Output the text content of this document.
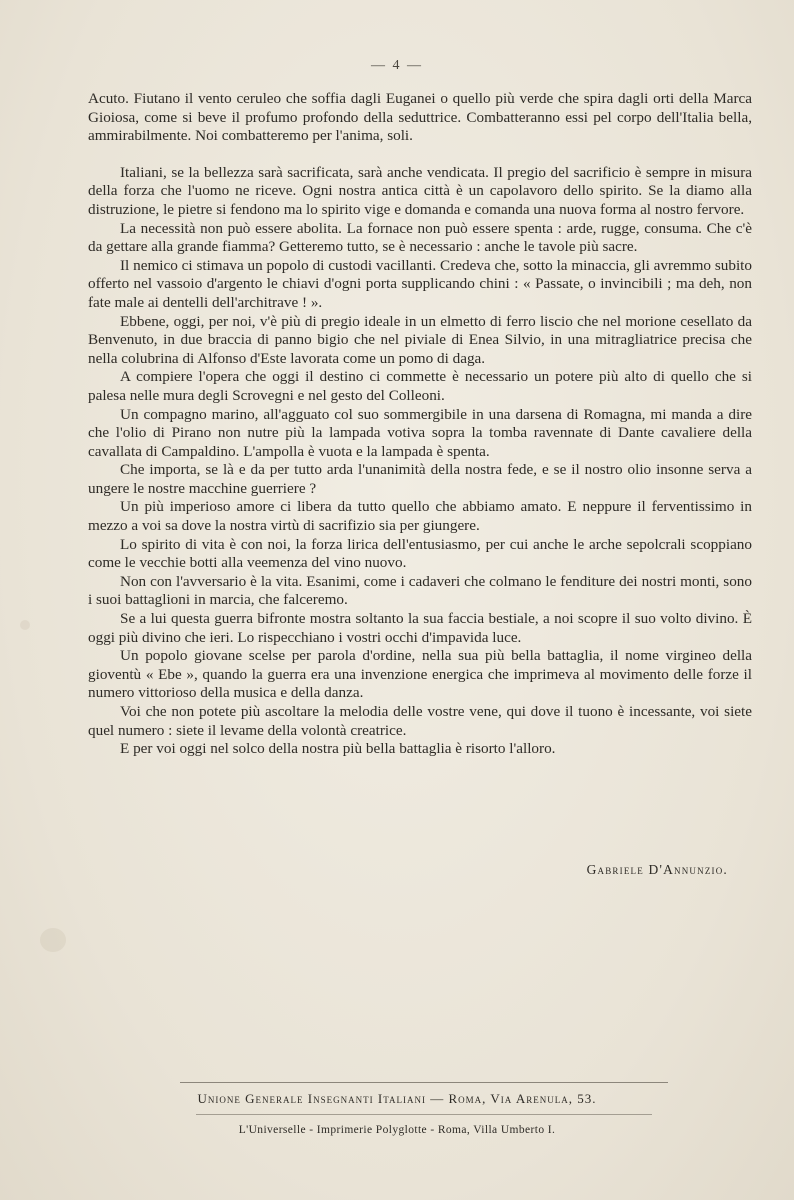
— 4 —

Acuto. Fiutano il vento ceruleo che soffia dagli Euganei o quello più verde che spira dagli orti della Marca Gioiosa, come si beve il profumo profondo della seduttrice. Combatteranno essi pel corpo dell'Italia bella, ammirabilmente. Noi combatteremo per l'anima, soli.

Italiani, se la bellezza sarà sacrificata, sarà anche vendicata. Il pregio del sacrificio è sempre in misura della forza che l'uomo ne riceve. Ogni nostra antica città è un capolavoro dello spirito. Se la diamo alla distruzione, le pietre si fendono ma lo spirito vige e domanda e comanda una nuova forma al nostro fervore.

La necessità non può essere abolita. La fornace non può essere spenta : arde, rugge, consuma. Che c'è da gettare alla grande fiamma? Getteremo tutto, se è necessario : anche le tavole più sacre.

Il nemico ci stimava un popolo di custodi vacillanti. Credeva che, sotto la minaccia, gli avremmo subito offerto nel vassoio d'argento le chiavi d'ogni porta supplicando chini : « Passate, o invincibili ; ma deh, non fate male ai dentelli dell'architrave ! ».

Ebbene, oggi, per noi, v'è più di pregio ideale in un elmetto di ferro liscio che nel morione cesellato da Benvenuto, in due braccia di panno bigio che nel piviale di Enea Silvio, in una mitragliatrice precisa che nella colubrina di Alfonso d'Este lavorata come un pomo di daga.

A compiere l'opera che oggi il destino ci commette è necessario un potere più alto di quello che si palesa nelle mura degli Scrovegni e nel gesto del Colleoni.

Un compagno marino, all'agguato col suo sommergibile in una darsena di Romagna, mi manda a dire che l'olio di Pirano non nutre più la lampada votiva sopra la tomba ravennate di Dante cavaliere della cavallata di Campaldino. L'ampolla è vuota e la lampada è spenta.

Che importa, se là e da per tutto arda l'unanimità della nostra fede, e se il nostro olio insonne serva a ungere le nostre macchine guerriere ?

Un più imperioso amore ci libera da tutto quello che abbiamo amato. E neppure il ferventissimo in mezzo a voi sa dove la nostra virtù di sacrifizio sia per giungere.

Lo spirito di vita è con noi, la forza lirica dell'entusiasmo, per cui anche le arche sepolcrali scoppiano come le vecchie botti alla veemenza del vino nuovo.

Non con l'avversario è la vita. Esanimi, come i cadaveri che colmano le fenditure dei nostri monti, sono i suoi battaglioni in marcia, che falceremo.

Se a lui questa guerra bifronte mostra soltanto la sua faccia bestiale, a noi scopre il suo volto divino. È oggi più divino che ieri. Lo rispecchiano i vostri occhi d'impavida luce.

Un popolo giovane scelse per parola d'ordine, nella sua più bella battaglia, il nome virgineo della gioventù « Ebe », quando la guerra era una invenzione energica che imprimeva al movimento delle forze il numero vittorioso della musica e della danza.

Voi che non potete più ascoltare la melodia delle vostre vene, qui dove il tuono è incessante, voi siete quel numero : siete il levame della volontà creatrice.

E per voi oggi nel solco della nostra più bella battaglia è risorto l'alloro.

Gabriele D'Annunzio.
Unione Generale Insegnanti Italiani — Roma, Via Arenula, 53.
L'Universelle - Imprimerie Polyglotte - Roma, Villa Umberto I.
